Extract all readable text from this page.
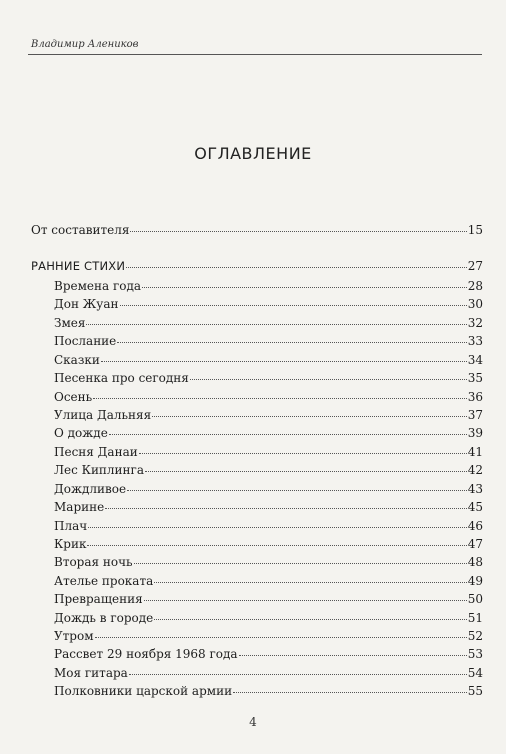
Владимир Алеников
ОГЛАВЛЕНИЕ
От составителя	15
РАННИЕ СТИХИ	27
Времена года	28
Дон Жуан	30
Змея	32
Послание	33
Сказки	34
Песенка про сегодня	35
Осень	36
Улица Дальняя	37
О дожде	39
Песня Данаи	41
Лес Киплинга	42
Дождливое	43
Марине	45
Плач	46
Крик	47
Вторая ночь	48
Ателье проката	49
Превращения	50
Дождь в городе	51
Утром	52
Рассвет 29 ноября 1968 года	53
Моя гитара	54
Полковники царской армии	55
4
